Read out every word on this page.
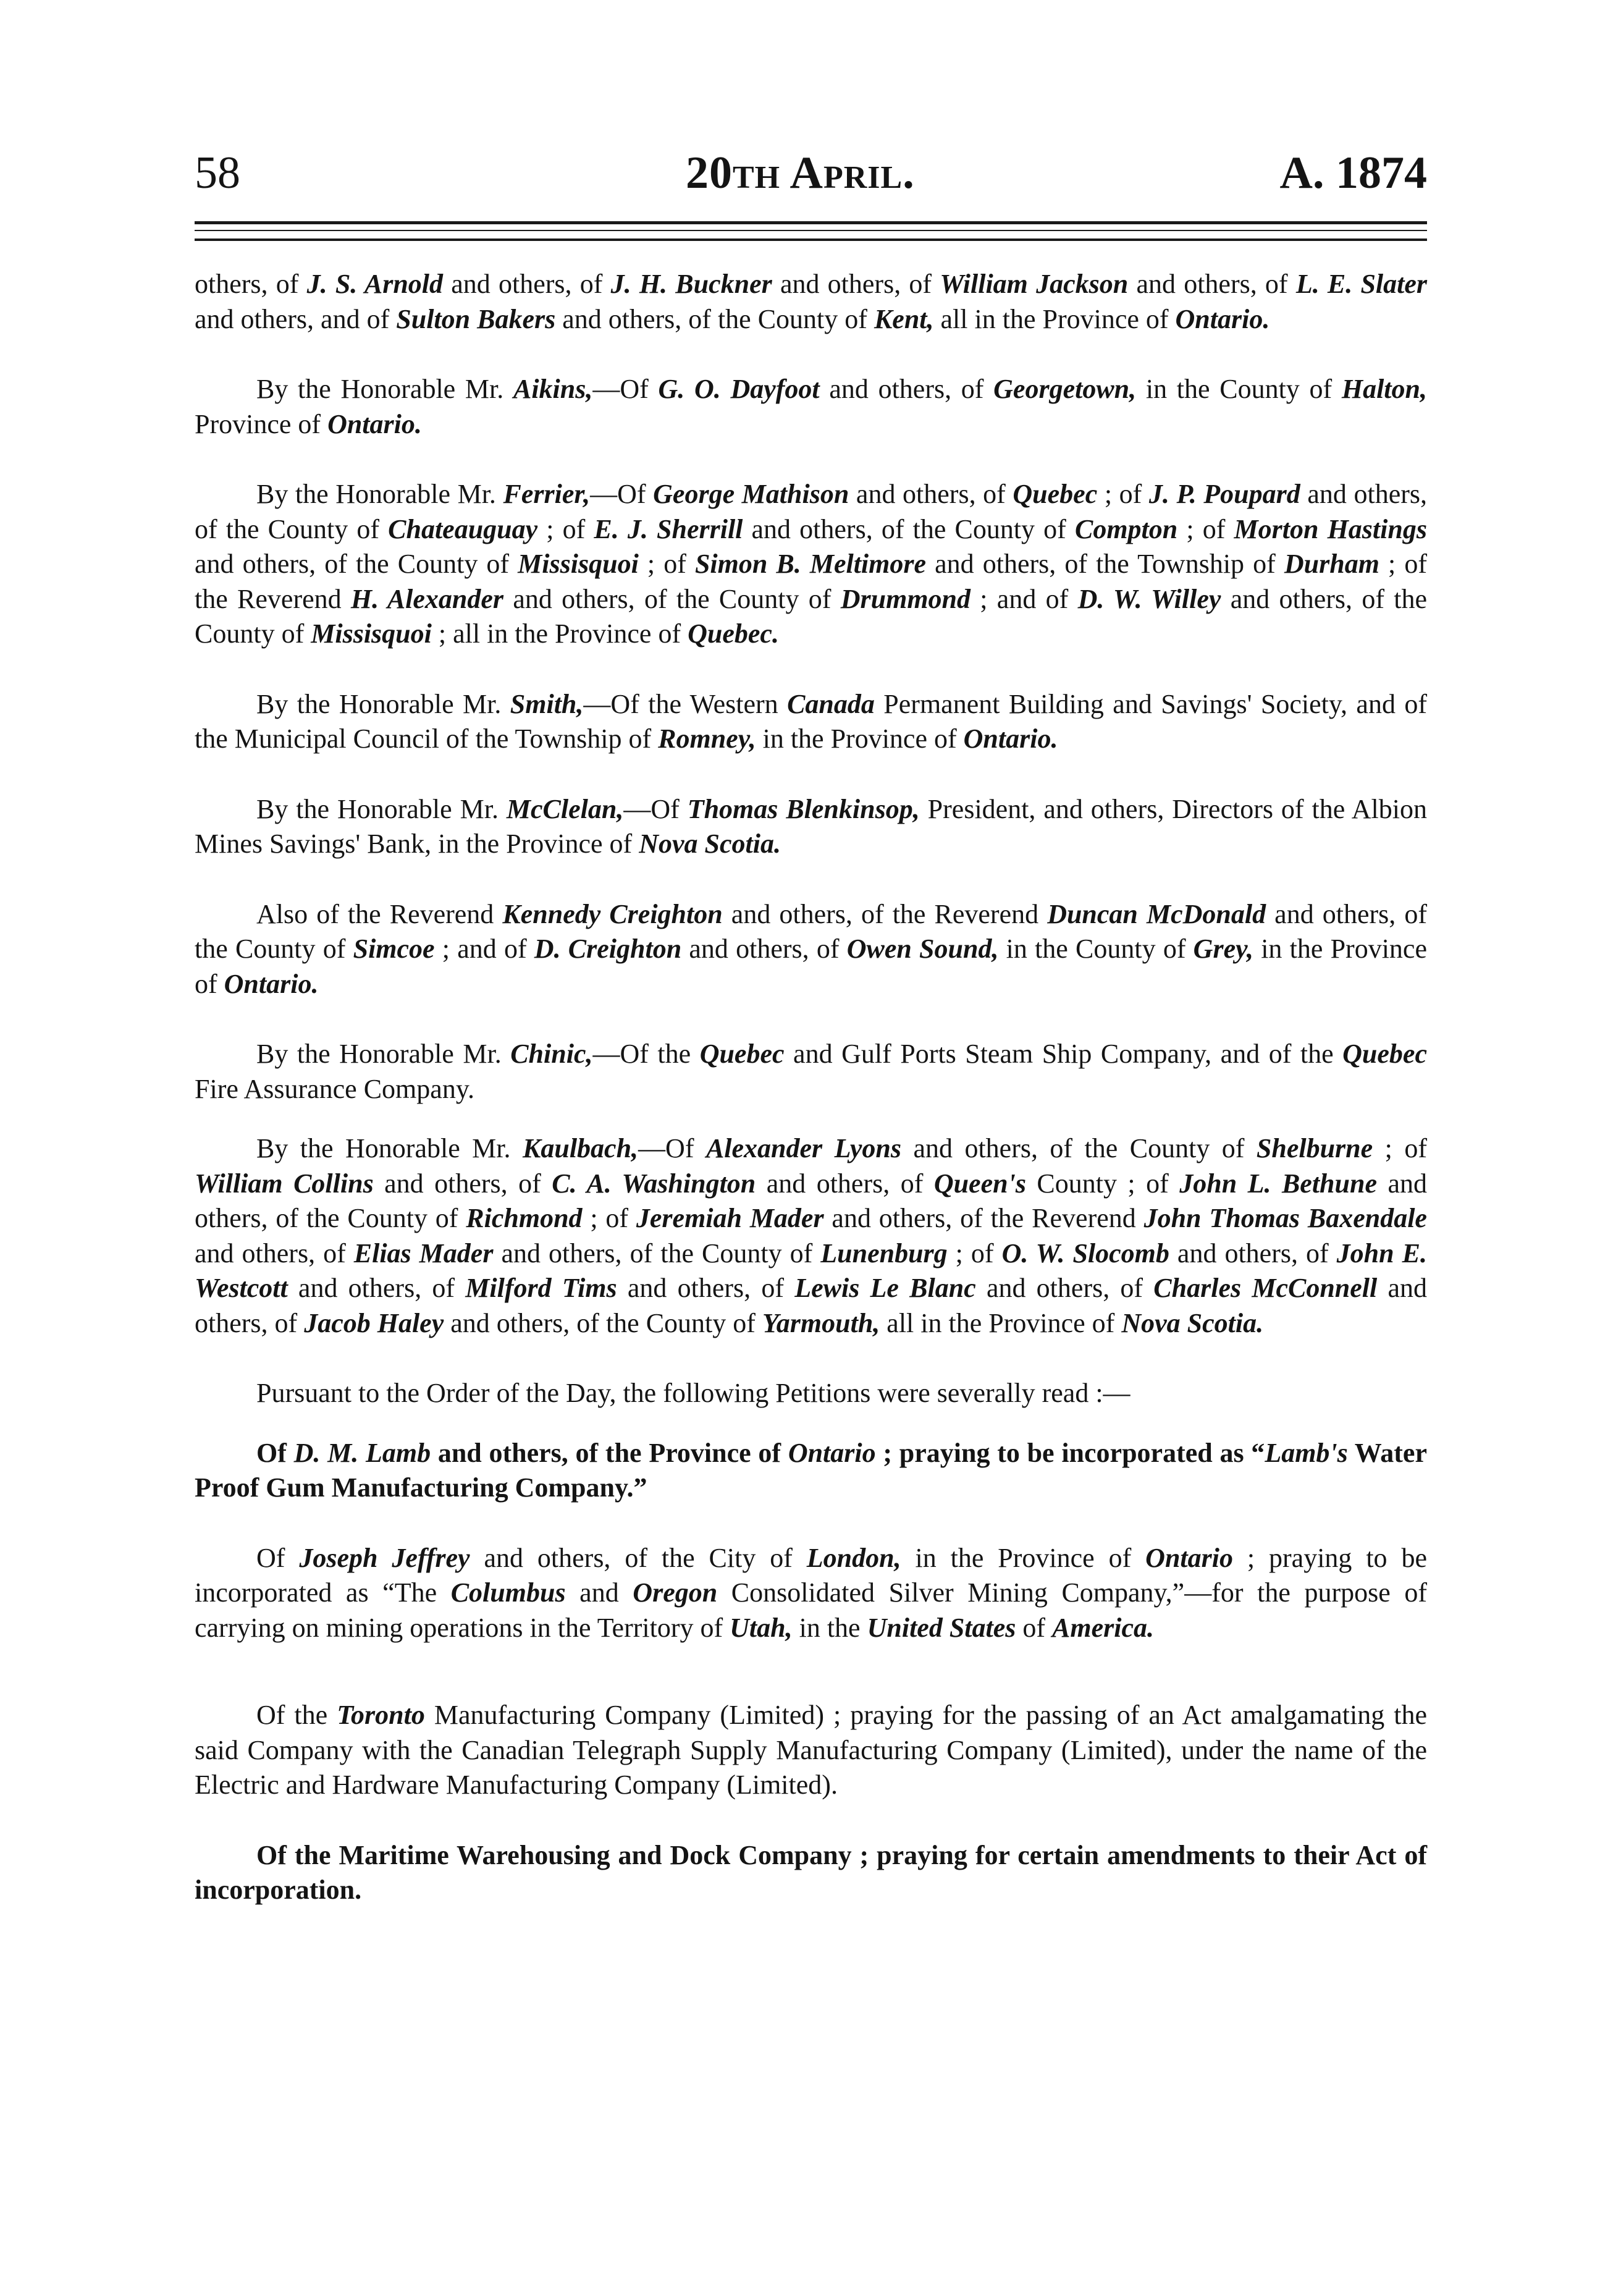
58	20th April.	A. 1874

others, of J. S. Arnold and others, of J. H. Buckner and others, of William Jackson and others, of L. E. Slater and others, and of Sulton Bakers and others, of the County of Kent, all in the Province of Ontario.

By the Honorable Mr. Aikins,—Of G. O. Dayfoot and others, of Georgetown, in the County of Halton, Province of Ontario.

By the Honorable Mr. Ferrier,—Of George Mathison and others, of Quebec ; of J. P. Poupard and others, of the County of Chateauguay ; of E. J. Sherrill and others, of the County of Compton ; of Morton Hastings and others, of the County of Missisquoi ; of Simon B. Meltimore and others, of the Township of Durham ; of the Reverend H. Alexander and others, of the County of Drummond ; and of D. W. Willey and others, of the County of Missisquoi ; all in the Province of Quebec.

By the Honorable Mr. Smith,—Of the Western Canada Permanent Building and Savings' Society, and of the Municipal Council of the Township of Romney, in the Province of Ontario.

By the Honorable Mr. McClelan,—Of Thomas Blenkinsop, President, and others, Directors of the Albion Mines Savings' Bank, in the Province of Nova Scotia.

Also of the Reverend Kennedy Creighton and others, of the Reverend Duncan McDonald and others, of the County of Simcoe ; and of D. Creighton and others, of Owen Sound, in the County of Grey, in the Province of Ontario.

By the Honorable Mr. Chinic,—Of the Quebec and Gulf Ports Steam Ship Company, and of the Quebec Fire Assurance Company.

By the Honorable Mr. Kaulbach,—Of Alexander Lyons and others, of the County of Shelburne ; of William Collins and others, of C. A. Washington and others, of Queen's County ; of John L. Bethune and others, of the County of Richmond ; of Jeremiah Mader and others, of the Reverend John Thomas Baxendale and others, of Elias Mader and others, of the County of Lunenburg ; of O. W. Slocomb and others, of John E. Westcott and others, of Milford Tims and others, of Lewis Le Blanc and others, of Charles McConnell and others, of Jacob Haley and others, of the County of Yarmouth, all in the Province of Nova Scotia.

Pursuant to the Order of the Day, the following Petitions were severally read :—

Of D. M. Lamb and others, of the Province of Ontario ; praying to be incorporated as “Lamb's Water Proof Gum Manufacturing Company.”

Of Joseph Jeffrey and others, of the City of London, in the Province of Ontario ; praying to be incorporated as “The Columbus and Oregon Consolidated Silver Mining Company,”—for the purpose of carrying on mining operations in the Territory of Utah, in the United States of America.

Of the Toronto Manufacturing Company (Limited) ; praying for the passing of an Act amalgamating the said Company with the Canadian Telegraph Supply Manufacturing Company (Limited), under the name of the Electric and Hardware Manufacturing Company (Limited).

Of the Maritime Warehousing and Dock Company ; praying for certain amendments to their Act of incorporation.
